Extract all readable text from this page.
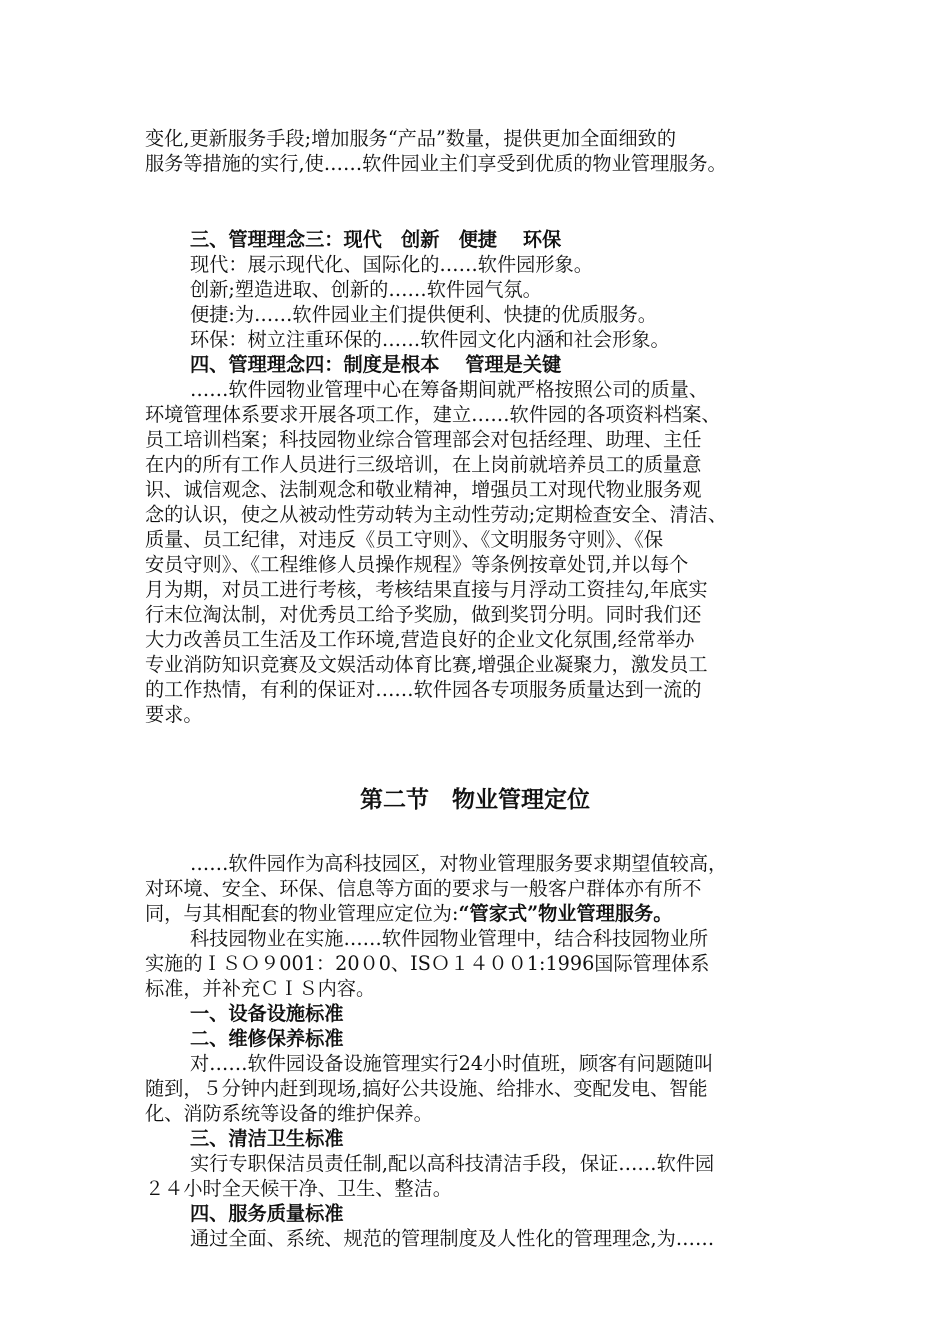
变化,更新服务手段;增加服务“产品”数量，提供更加全面细致的
服务等措施的实行,使……软件园业主们享受到优质的物业管理服务。
三、管理理念三：现代　创新　便捷　 环保
现代：展示现代化、国际化的……软件园形象。
创新;塑造进取、创新的……软件园气氛。
便捷:为……软件园业主们提供便利、快捷的优质服务。
环保：树立注重环保的……软件园文化内涵和社会形象。
四、管理理念四：制度是根本　 管理是关键
……软件园物业管理中心在筹备期间就严格按照公司的质量、
环境管理体系要求开展各项工作，建立……软件园的各项资料档案、
员工培训档案；科技园物业综合管理部会对包括经理、助理、主任
在内的所有工作人员进行三级培训，在上岗前就培养员工的质量意
识、诚信观念、法制观念和敬业精神，增强员工对现代物业服务观
念的认识，使之从被动性劳动转为主动性劳动;定期检查安全、清洁、
质量、员工纪律，对违反《员工守则》、《文明服务守则》、《保
安员守则》、《工程维修人员操作规程》等条例按章处罚,并以每个
月为期，对员工进行考核，考核结果直接与月浮动工资挂勾,年底实
行末位淘汰制，对优秀员工给予奖励，做到奖罚分明。同时我们还
大力改善员工生活及工作环境,营造良好的企业文化氛围,经常举办
专业消防知识竞赛及文娱活动体育比赛,增强企业凝聚力，激发员工
的工作热情，有利的保证对……软件园各专项服务质量达到一流的
要求。
第二节　物业管理定位
……软件园作为高科技园区，对物业管理服务要求期望值较高，
对环境、安全、环保、信息等方面的要求与一般客户群体亦有所不
同，与其相配套的物业管理应定位为:“管家式”物业管理服务。
科技园物业在实施……软件园物业管理中，结合科技园物业所
实施的ＩＳＯ９001：20０0、ISＯ１４００1:1996国际管理体系
标准，并补充ＣＩＳ内容。
一、设备设施标准
二、维修保养标准
对……软件园设备设施管理实行24小时值班，顾客有问题随叫
随到，５分钟内赶到现场,搞好公共设施、给排水、变配发电、智能
化、消防系统等设备的维护保养。
三、清洁卫生标准
实行专职保洁员责任制,配以高科技清洁手段，保证……软件园
２４小时全天候干净、卫生、整洁。
四、服务质量标准
通过全面、系统、规范的管理制度及人性化的管理理念,为……
